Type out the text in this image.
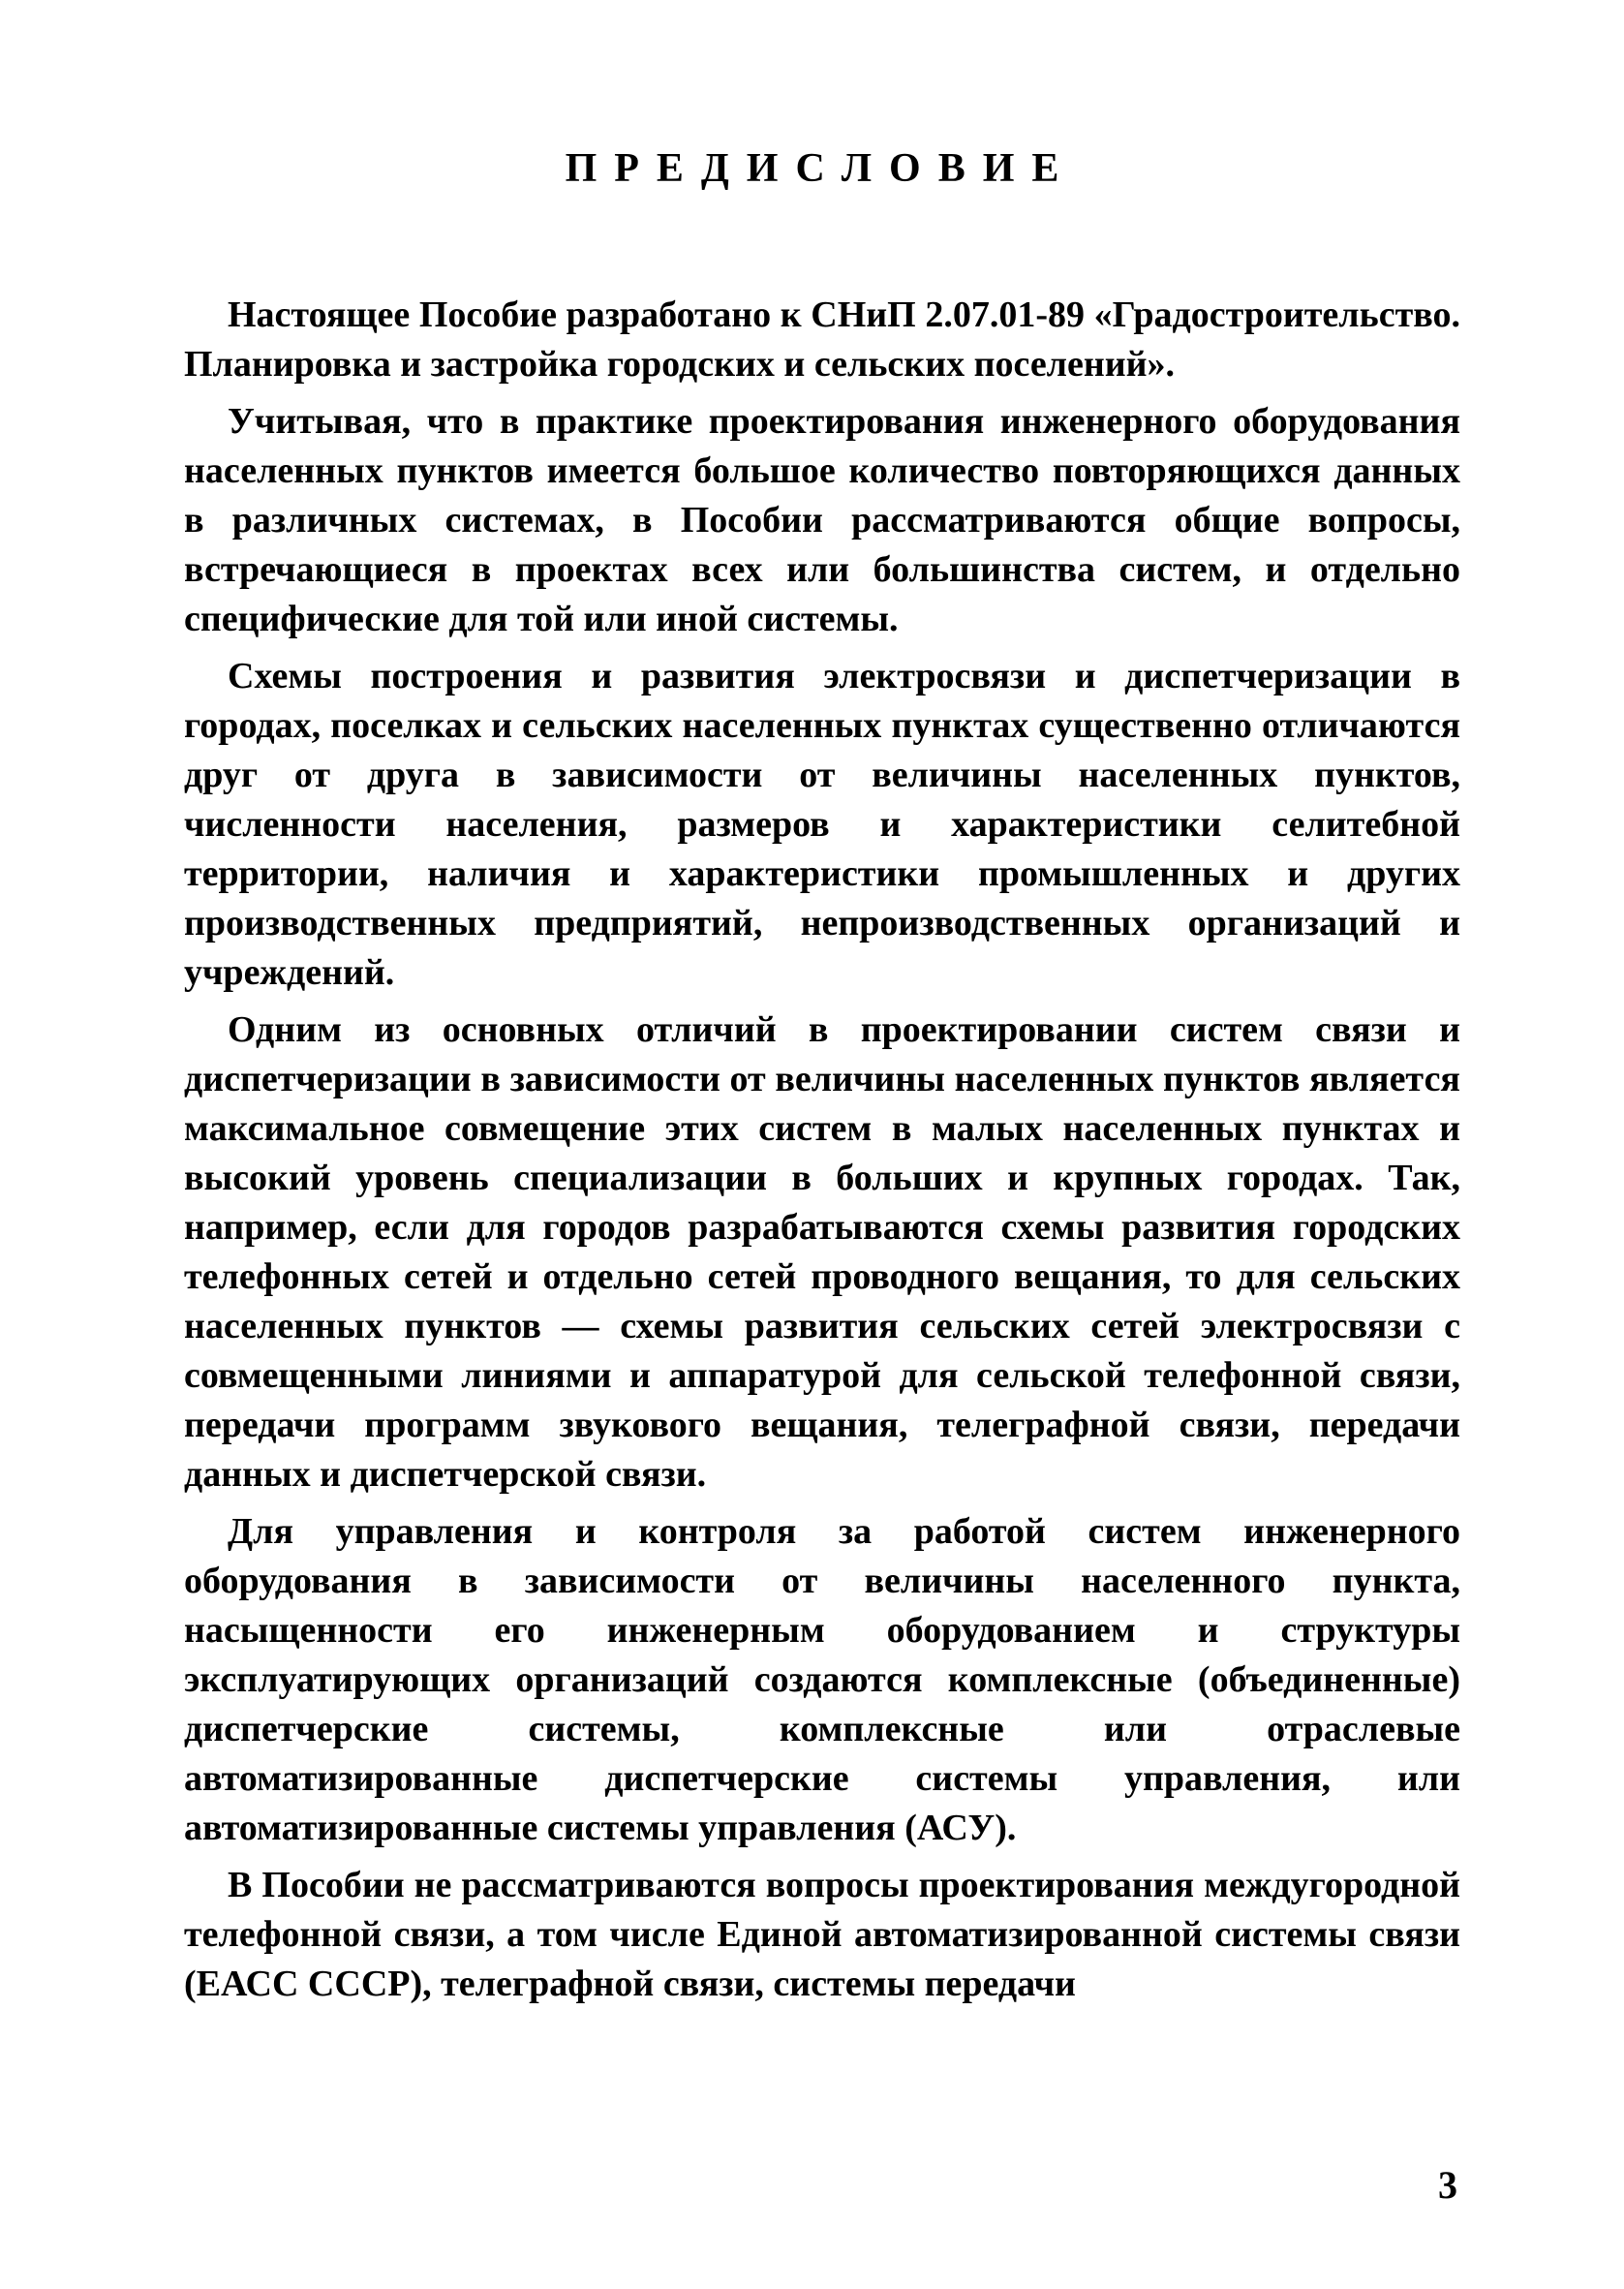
ПРЕДИСЛОВИЕ

Настоящее Пособие разработано к СНиП 2.07.01-89 «Градостроительство. Планировка и застройка городских и сельских поселений».

Учитывая, что в практике проектирования инженерного оборудования населенных пунктов имеется большое количество повторяющихся данных в различных системах, в Пособии рассматриваются общие вопросы, встречающиеся в проектах всех или большинства систем, и отдельно специфические для той или иной системы.

Схемы построения и развития электросвязи и диспетчеризации в городах, поселках и сельских населенных пунктах существенно отличаются друг от друга в зависимости от величины населенных пунктов, численности населения, размеров и характеристики селитебной территории, наличия и характеристики промышленных и других производственных предприятий, непроизводственных организаций и учреждений.

Одним из основных отличий в проектировании систем связи и диспетчеризации в зависимости от величины населенных пунктов является максимальное совмещение этих систем в малых населенных пунктах и высокий уровень специализации в больших и крупных городах. Так, например, если для городов разрабатываются схемы развития городских телефонных сетей и отдельно сетей проводного вещания, то для сельских населенных пунктов — схемы развития сельских сетей электросвязи с совмещенными линиями и аппаратурой для сельской телефонной связи, передачи программ звукового вещания, телеграфной связи, передачи данных и диспетчерской связи.

Для управления и контроля за работой систем инженерного оборудования в зависимости от величины населенного пункта, насыщенности его инженерным оборудованием и структуры эксплуатирующих организаций создаются комплексные (объединенные) диспетчерские системы, комплексные или отраслевые автоматизированные диспетчерские системы управления, или автоматизированные системы управления (АСУ).

В Пособии не рассматриваются вопросы проектирования междугородной телефонной связи, а том числе Единой автоматизированной системы связи (ЕАСС СССР), телеграфной связи, системы передачи

3
